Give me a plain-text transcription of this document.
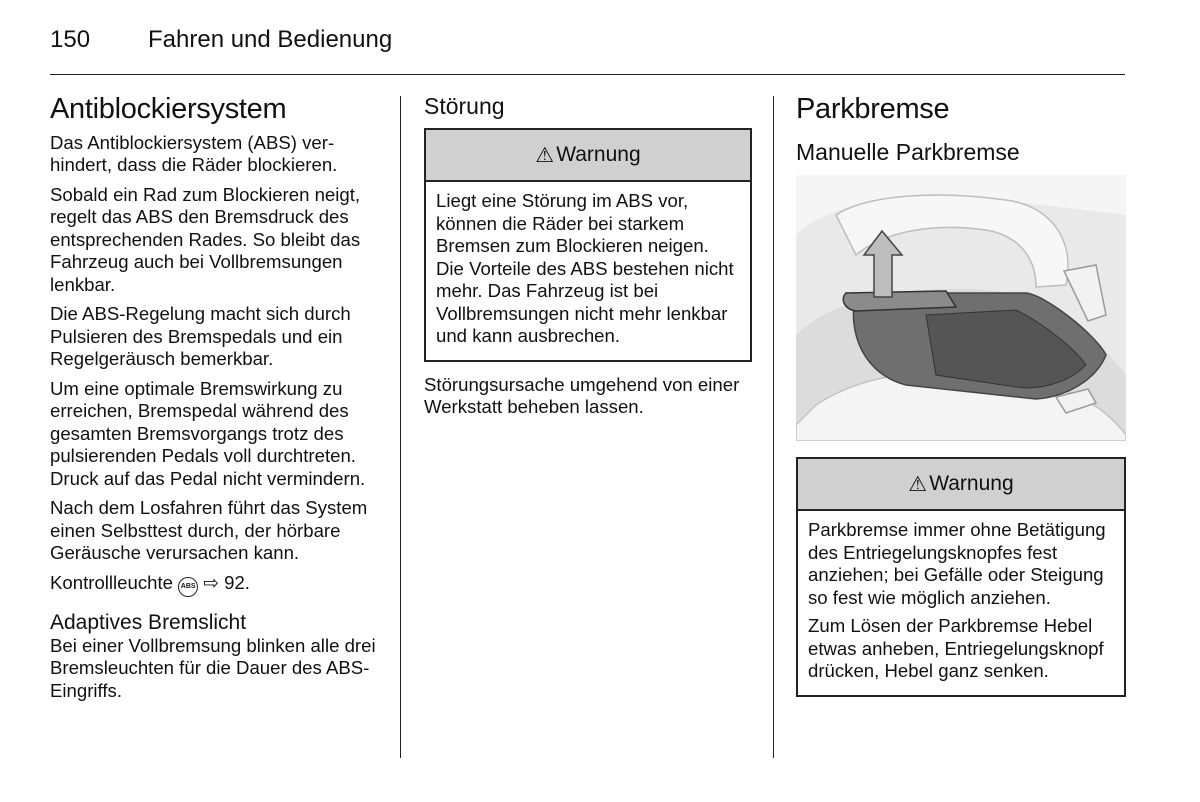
150 Fahren und Bedienung
Antiblockiersystem

Das Antiblockiersystem (ABS) verhindert, dass die Räder blockieren.

Sobald ein Rad zum Blockieren neigt, regelt das ABS den Bremsdruck des entsprechenden Rades. So bleibt das Fahrzeug auch bei Vollbremsungen lenkbar.

Die ABS-Regelung macht sich durch Pulsieren des Bremspedals und ein Regelgeräusch bemerkbar.

Um eine optimale Bremswirkung zu erreichen, Bremspedal während des gesamten Bremsvorgangs trotz des pulsierenden Pedals voll durchtreten. Druck auf das Pedal nicht vermindern.

Nach dem Losfahren führt das System einen Selbsttest durch, der hörbare Geräusche verursachen kann.

Kontrollleuchte ABS ⇨ 92.

Adaptives Bremslicht

Bei einer Vollbremsung blinken alle drei Bremsleuchten für die Dauer des ABS-Eingriffs.

Störung
⚠ Warnung

Liegt eine Störung im ABS vor, können die Räder bei starkem Bremsen zum Blockieren neigen. Die Vorteile des ABS bestehen nicht mehr. Das Fahrzeug ist bei Vollbremsungen nicht mehr lenkbar und kann ausbrechen.

Störungsursache umgehend von einer Werkstatt beheben lassen.

Parkbremse
Manuelle Parkbremse
⚠ Warnung

Parkbremse immer ohne Betätigung des Entriegelungsknopfes fest anziehen; bei Gefälle oder Steigung so fest wie möglich anziehen.

Zum Lösen der Parkbremse Hebel etwas anheben, Entriegelungsknopf drücken, Hebel ganz senken.
